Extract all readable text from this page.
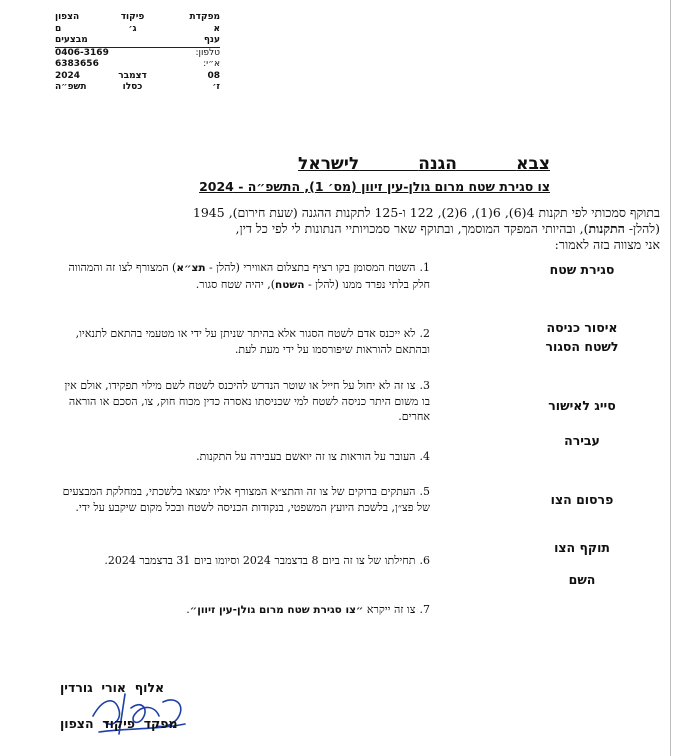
מפקדת
פיקוד
הצפון
א
ג׳
ם
ענף
מבצעים
טלפון:
0406-3169
א״י:
6383656
08
דצמבר
2024
ז׳
כסלו
תשפ״ה
צבא          הגנה          לישראל
צו סגירת שטח מרום גולן-עין זיוון (מס׳ 1), התשפ״ה - 2024
בתוקף סמכותי לפי תקנות 4(6), 6(1), 6(2), 122 ו-125 לתקנות ההגנה (שעת חירום), 1945
(להלן- התקנות), ובהיותי המפקד המוסמך, ובתוקף שאר סמכויותיי הנתונות לי לפי כל דין,
אני מצווה בזה לאמור:
סגירת שטח
איסור כניסה
לשטח הסגור
סייג לאישור
עבירה
פרסום הצו
תוקף הצו
השם
1.השטח המסומן בקו רציף בתצלום האווירי (להלן - תצ״א) המצורף לצו זה והמהווה חלק בלתי נפרד ממנו (להלן - השטח), יהיה שטח סגור.
2.לא ייכנס אדם לשטח הסגור אלא בהיתר שניתן על ידי או מטעמי בהתאם לתנאיו, ובהתאם להוראות שיפורסמו על ידי מעת לעת.
3.צו זה לא יחול על חייל או שוטר הנדרש להיכנס לשטח לשם מילוי תפקידו, אולם אין בו משום היתר כניסה לשטח למי שכניסתו נאסרה כדין מכוח חוק, צו, הסכם או הוראה אחרים.
4.העובר על הוראות צו זה יואשם בעבירה על התקנות.
5.העתקים בדוקים של צו זה והתצ״א המצורף אליו ימצאו בלשכתי, במחלקת המבצעים של פצ״ן, בלשכת היועץ המשפטי, בנקודות הכניסה לשטח ובכל מקום שיקבע על ידי.
6.תחילתו של צו זה ביום 8 בדצמבר 2024 וסיומו ביום 31 בדצמבר 2024.
7.צו זה ייקרא ״צו סגירת שטח מרום גולן-עין זיוון״.
אלוף  אורי  גורדין
מפקד  פיקוד  הצפון
